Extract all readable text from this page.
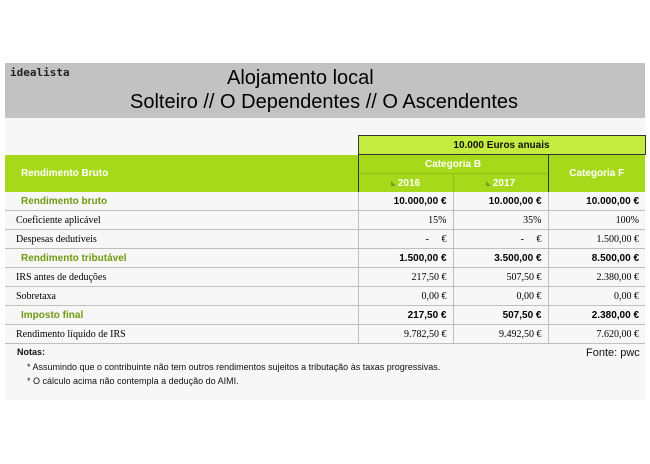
idealista	Alojamento local
Solteiro // O Dependentes // O Ascendentes
	10.000 Euros anuais		
Rendimento Bruto	Categoria B		Categoria F
	2016	2017	
Rendimento bruto	10.000,00 €	10.000,00 €	10.000,00 €
Coeficiente aplicável	15%	35%	100%
Despesas dedutíveis	-     €	-     €	1.500,00 €
Rendimento tributável	1.500,00 €	3.500,00 €	8.500,00 €
IRS antes de deduções	217,50 €	507,50 €	2.380,00 €
Sobretaxa	0,00 €	0,00 €	0,00 €
Imposto final	217,50 €	507,50 €	2.380,00 €
Rendimento líquido de IRS	9.782,50 €	9.492,50 €	7.620,00 €
Notas:
* Assumindo que o contribuinte não tem outros rendimentos sujeitos a tributação às taxas progressivas.
* O cálculo acima não contempla a dedução do AIMI.
Fonte: pwc
